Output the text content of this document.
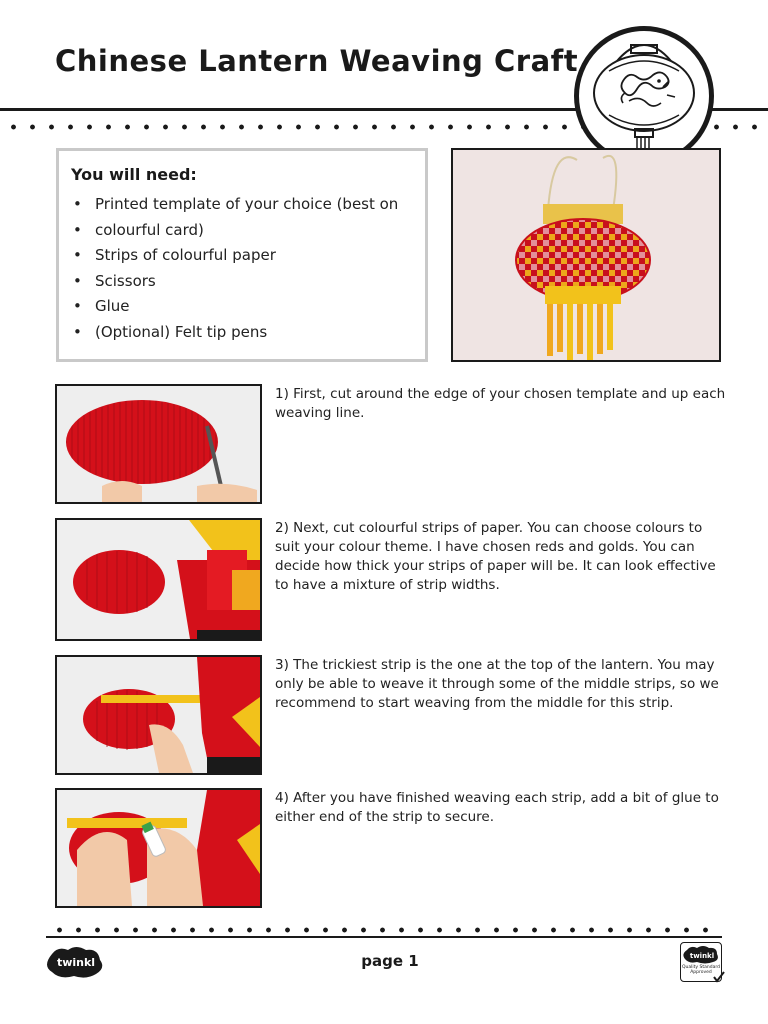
Chinese Lantern Weaving Craft

You will need:

• Printed template of your choice (best on
• colourful card)
• Strips of colourful paper
• Scissors
• Glue
• (Optional) Felt tip pens

1) First, cut around the edge of your chosen template and up each weaving line.

2) Next, cut colourful strips of paper. You can choose colours to suit your colour theme. I have chosen reds and golds. You can decide how thick your strips of paper will be. It can look effective to have a mixture of strip widths.

3) The trickiest strip is the one at the top of the lantern. You may only be able to weave it through some of the middle strips, so we recommend to start weaving from the middle for this strip.

4) After you have finished weaving each strip, add a bit of glue to either end of the strip to secure.

twinkl	page 1	twinkl
Quality Standard Approved
